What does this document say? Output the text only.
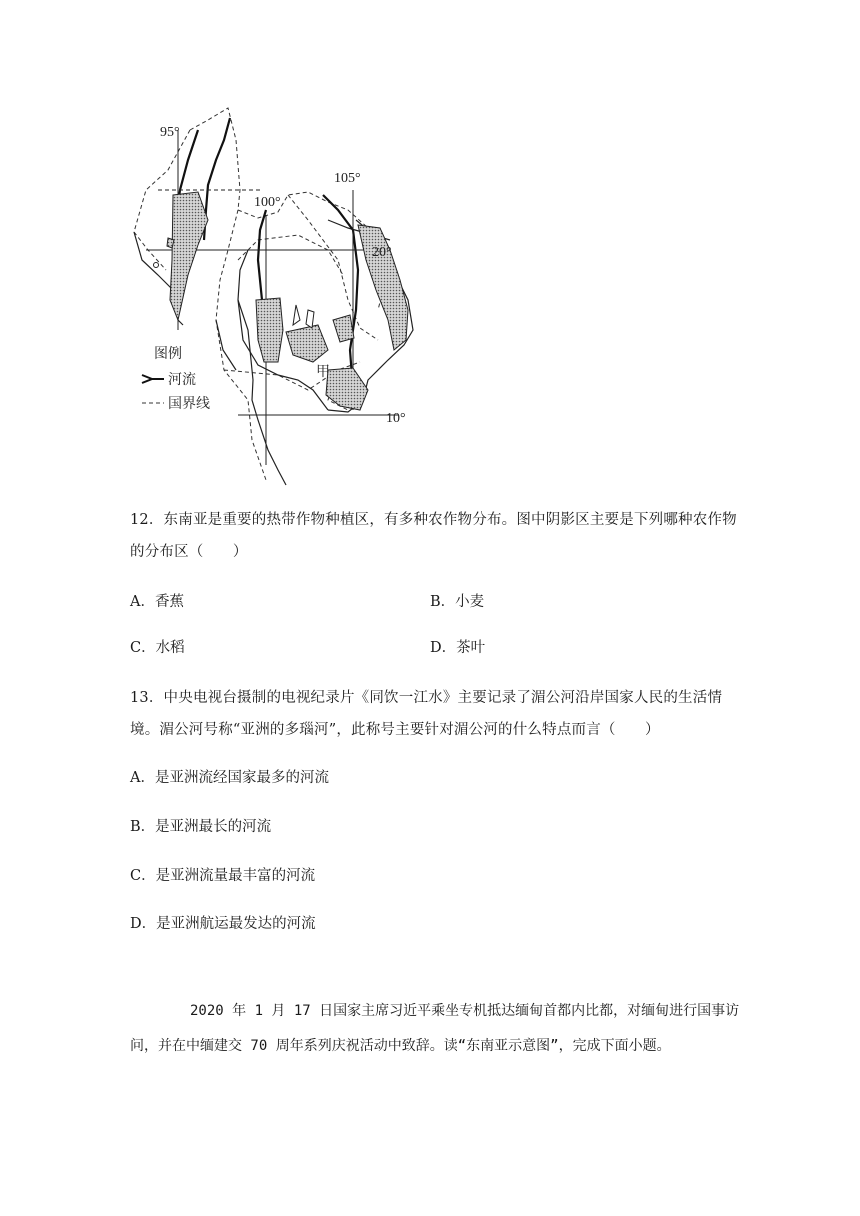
95°
100°
105°
20°
10°
甲
图例
河流
国界线
12．东南亚是重要的热带作物种植区，有多种农作物分布。图中阴影区主要是下列哪种农作物的分布区（　　）
A．香蕉	B．小麦
C．水稻	D．茶叶
13．中央电视台摄制的电视纪录片《同饮一江水》主要记录了湄公河沿岸国家人民的生活情境。湄公河号称“亚洲的多瑙河”，此称号主要针对湄公河的什么特点而言（　　）
A．是亚洲流经国家最多的河流
B．是亚洲最长的河流
C．是亚洲流量最丰富的河流
D．是亚洲航运最发达的河流
2020 年 1 月 17 日国家主席习近平乘坐专机抵达缅甸首都内比都，对缅甸进行国事访问，并在中缅建交 70 周年系列庆祝活动中致辞。读“东南亚示意图”，完成下面小题。
